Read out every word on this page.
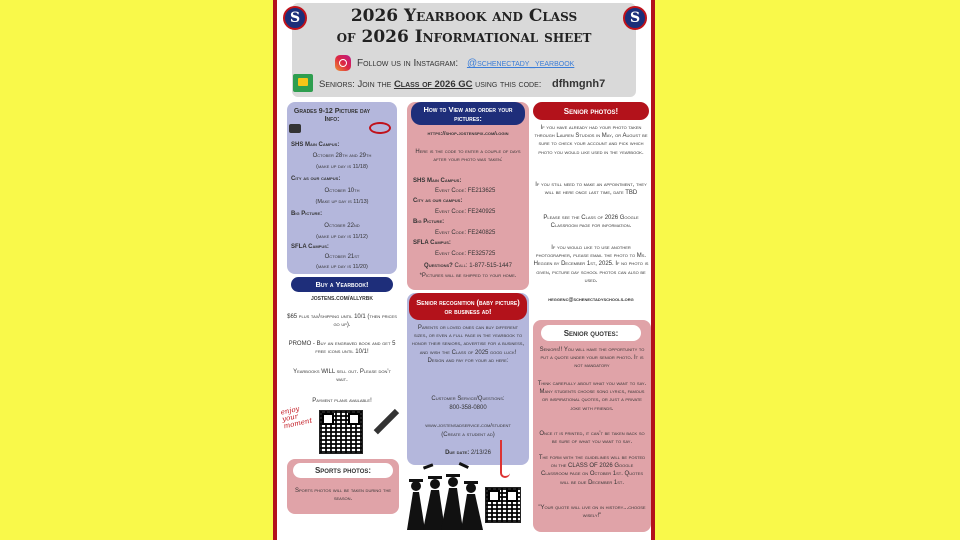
S	S
2026 Yearbook and Class
of 2026 Informational sheet
Follow us in Instagram: @schenectady_yearbook
Seniors: Join the Class of 2026 GC using this code: dfhmgnh7
Grades 9-12 Picture day Info:
SHS Main Campus:
October 28th and 29th
(make up day is 11/18)
City as our campus:
October 10th
(Make up day is 11/13)
Big Picture:
October 22nd
(make up day is 11/12)
SFLA Campus:
October 21st
(make up day is 11/20)
Buy a Yearbook!
jostens.com/allyrbk
$65 plus tax/shipping until 10/1 (then prices go up).
PROMO - Buy an engraved book and get 5 free icons until 10/1!
Yearbooks WILL sell out. Please don't wait.
Payment plans available!
enjoy your moment
Sports photos:
Sports photos will be taken during the season.
How to View and order your pictures:
https://shop.jostenspix.com/login
Here is the code to enter a couple of days after your photo was taken:
SHS Main Campus:
Event Code: FE213625
City as our campus:
Event Code: FE240925
Big Picture:
Event Code: FE240825
SFLA Campus:
Event Code: FE325725
Questions? Call: 1-877-515-1447
*Pictures will be shipped to your home.
Senior recognition (baby picture) or business ad!
Parents or loved ones can buy different sizes, or even a full page in the yearbook to honor their seniors, advertise for a business, and wish the Class of 2025 good luck! Design and pay for your ad here:
Customer Service/Questions:
800-358-0800
www.jostensadservice.com/student
(Create a student ad)
Due date: 2/13/26
Senior photos!
If you have already had your photo taken through Lauren Studios in May, or August be sure to check your account and pick which photo you would like used in the yearbook.
If you still need to make an appointment, they will be here once last time, date TBD
Please see the Class of 2026 Google Classroom page for information.
If you would like to use another photographer, please email the photo to Ms. Heggen by December 1st, 2025. If no photo is given, picture day school photos can also be used.
heggenc@schenectadyschools.org
Senior quotes:
Seniors!! You will have the opportunity to put a quote under your senior photo. It is not mandatory
Think carefully about what you want to say. Many students choose song lyrics, famous or inspirational quotes, or just a private joke with friends.
Once it is printed, it can't be taken back so be sure of what you want to say.
The form with the guidelines will be posted on the CLASS OF 2026 Google Classroom page on October 1st. Quotes will be due December 1st.
"Your quote will live on in history...choose wisely!"
